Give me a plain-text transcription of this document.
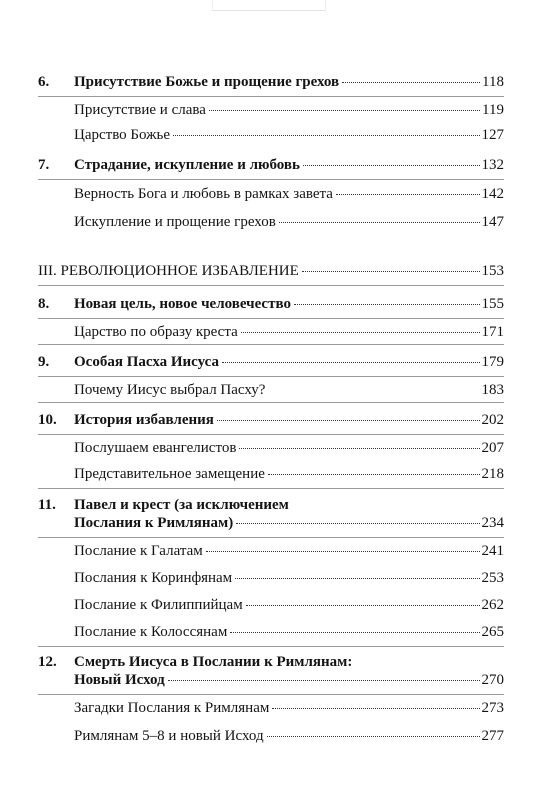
6. Присутствие Божье и прощение грехов	118
Присутствие и слава	119
Царство Божье	127
7. Страдание, искупление и любовь	132
Верность Бога и любовь в рамках завета	142
Искупление и прощение грехов	147
III. РЕВОЛЮЦИОННОЕ ИЗБАВЛЕНИЕ	153
8. Новая цель, новое человечество	155
Царство по образу креста	171
9. Особая Пасха Иисуса	179
Почему Иисус выбрал Пасху?	183
10. История избавления	202
Послушаем евангелистов	207
Представительное замещение	218
11. Павел и крест (за исключением
Послания к Римлянам)	234
Послание к Галатам	241
Послания к Коринфянам	253
Послание к Филиппийцам	262
Послание к Колоссянам	265
12. Смерть Иисуса в Послании к Римлянам:
Новый Исход	270
Загадки Послания к Римлянам	273
Римлянам 5–8 и новый Исход	277
